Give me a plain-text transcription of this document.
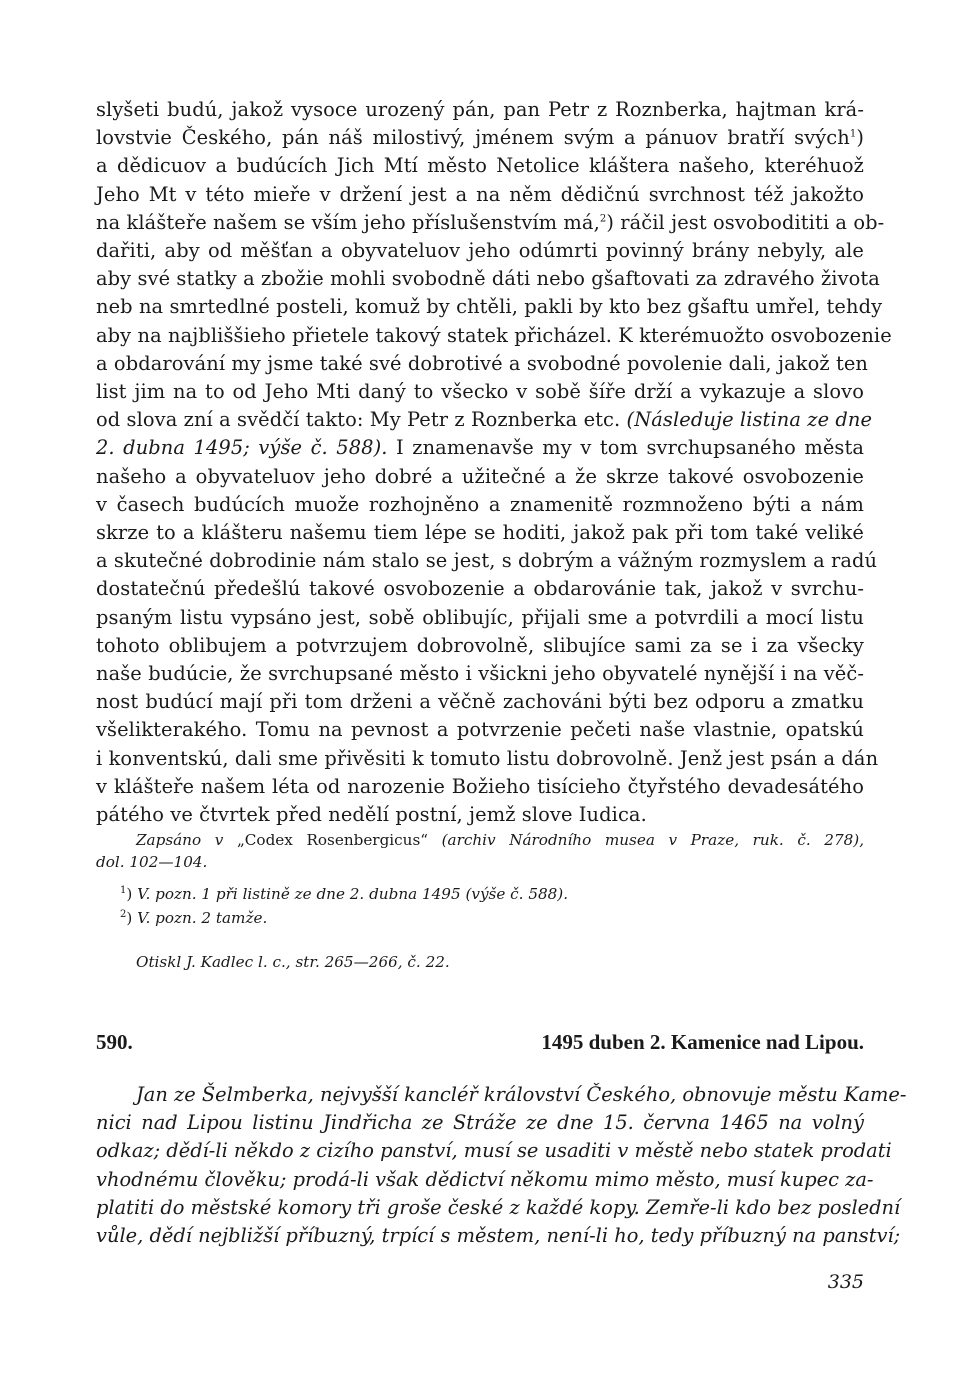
slyšeti budú, jakož vysoce urozený pán, pan Petr z Roznberka, hajtman krá-
lovstvie Českého, pán náš milostivý, jménem svým a pánuov bratří svých$^1$)
a dědicuov a budúcích Jich Mtí město Netolice kláštera našeho, kteréhuož
Jeho Mt v této mieře v držení jest a na něm dědičnú svrchnost též jakožto
na klášteře našem se vším jeho příslušenstvím má,$^2$) ráčil jest osvobodititi a ob-
dařiti, aby od měšťan a obyvateluov jeho odúmrti povinný brány nebyly, ale
aby své statky a zbožie mohli svobodně dáti nebo gšaftovati za zdravého života
neb na smrtedlné posteli, komuž by chtěli, pakli by kto bez gšaftu umřel, tehdy
aby na najbliššieho přietele takový statek přicházel. K kterémuožto osvobozenie
a obdarování my jsme také své dobrotivé a svobodné povolenie dali, jakož ten
list jim na to od Jeho Mti daný to všecko v sobě šíře drží a vykazuje a slovo
od slova zní a svědčí takto: My Petr z Roznberka etc. (Následuje listina ze dne
2. dubna 1495; výše č. 588). I znamenavše my v tom svrchupsaného města
našeho a obyvateluov jeho dobré a užitečné a že skrze takové osvobozenie
v časech budúcích muože rozhojněno a znamenitě rozmnoženo býti a nám
skrze to a klášteru našemu tiem lépe se hoditi, jakož pak při tom také veliké
a skutečné dobrodinie nám stalo se jest, s dobrým a vážným rozmyslem a radú
dostatečnú předešlú takové osvobozenie a obdarovánie tak, jakož v svrchu-
psaným listu vypsáno jest, sobě oblibujíc, přijali sme a potvrdili a mocí listu
tohoto oblibujem a potvrzujem dobrovolně, slibujíce sami za se i za všecky
naše budúcie, že svrchupsané město i všickni jeho obyvatelé nynější i na věč-
nost budúcí mají při tom drženi a věčně zachováni býti bez odporu a zmatku
všelikterakého. Tomu na pevnost a potvrzenie pečeti naše vlastnie, opatskú
i konventskú, dali sme přivěsiti k tomuto listu dobrovolně. Jenž jest psán a dán
v klášteře našem léta od narozenie Božieho tisícieho čtyřstého devadesátého
pátého ve čtvrtek před nedělí postní, jemž slove Iudica.

Zapsáno v „Codex Rosenbergicus“ (archiv Národního musea v Praze, ruk. č. 278),
dol. 102—104.

$^1$) V. pozn. 1 při listině ze dne 2. dubna 1495 (výše č. 588).
$^2$) V. pozn. 2 tamže.
Otiskl J. Kadlec l. c., str. 265—266, č. 22.
590.	1495 duben 2. Kamenice nad Lipou.
Jan ze Šelmberka, nejvyšší kancléř království Českého, obnovuje městu Kame-
nici nad Lipou listinu Jindřicha ze Stráže ze dne 15. června 1465 na volný
odkaz; dědí-li někdo z cizího panství, musí se usaditi v městě nebo statek prodati
vhodnému člověku; prodá-li však dědictví někomu mimo město, musí kupec za-
platiti do městské komory tři groše české z každé kopy. Zemře-li kdo bez poslední
vůle, dědí nejbližší příbuzný, trpící s městem, není-li ho, tedy příbuzný na panství;
335
